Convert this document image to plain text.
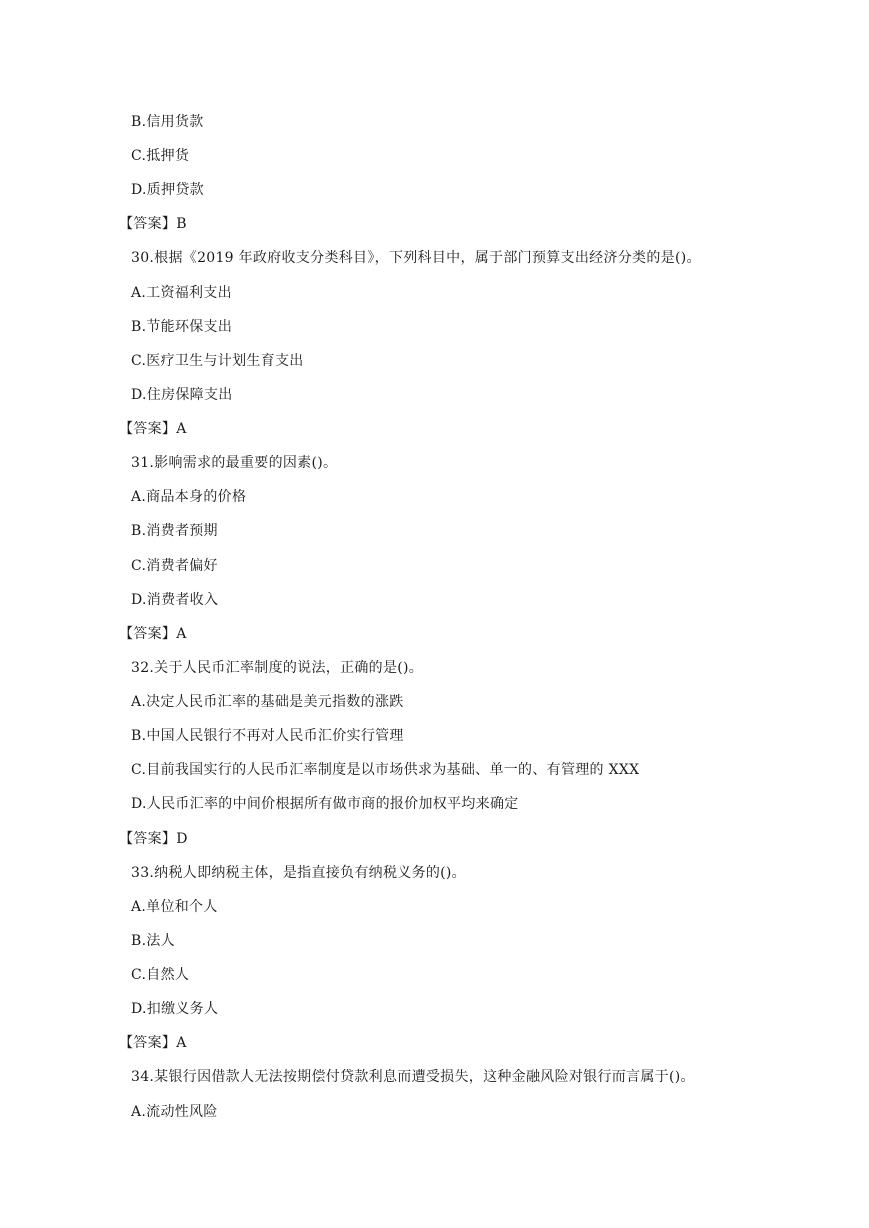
B.信用货款
C.抵押货
D.质押贷款
【答案】B
30.根据《2019 年政府收支分类科目》，下列科目中，属于部门预算支出经济分类的是()。
A.工资福利支出
B.节能环保支出
C.医疗卫生与计划生育支出
D.住房保障支出
【答案】A
31.影响需求的最重要的因素()。
A.商品本身的价格
B.消费者预期
C.消费者偏好
D.消费者收入
【答案】A
32.关于人民币汇率制度的说法，正确的是()。
A.决定人民币汇率的基础是美元指数的涨跌
B.中国人民银行不再对人民币汇价实行管理
C.目前我国实行的人民币汇率制度是以市场供求为基础、单一的、有管理的 XXX
D.人民币汇率的中间价根据所有做市商的报价加权平均来确定
【答案】D
33.纳税人即纳税主体，是指直接负有纳税义务的()。
A.单位和个人
B.法人
C.自然人
D.扣缴义务人
【答案】A
34.某银行因借款人无法按期偿付贷款利息而遭受损失，这种金融风险对银行而言属于()。
A.流动性风险
